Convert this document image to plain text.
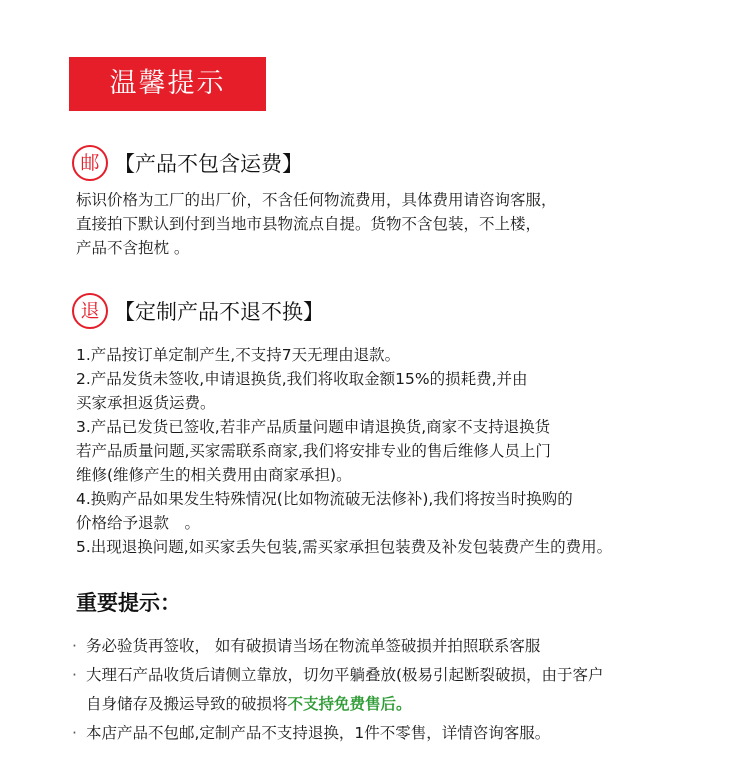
温馨提示
邮 【产品不包含运费】

标识价格为工厂的出厂价，不含任何物流费用，具体费用请咨询客服，

直接拍下默认到付到当地市县物流点自提。货物不含包装，不上楼，

产品不含抱枕 。

退 【定制产品不退不换】

1.产品按订单定制产生,不支持7天无理由退款。

2.产品发货未签收,申请退换货,我们将收取金额15%的损耗费,并由

买家承担返货运费。

3.产品已发货已签收,若非产品质量问题申请退换货,商家不支持退换货

若产品质量问题,买家需联系商家,我们将安排专业的售后维修人员上门

维修(维修产生的相关费用由商家承担)。

4.换购产品如果发生特殊情况(比如物流破无法修补),我们将按当时换购的

价格给予退款　。

5.出现退换问题,如买家丢失包装,需买家承担包装费及补发包装费产生的费用。

重要提示：
· 务必验货再签收， 如有破损请当场在物流单签破损并拍照联系客服
· 大理石产品收货后请侧立靠放，切勿平躺叠放(极易引起断裂破损，由于客户
自身储存及搬运导致的破损将不支持免费售后。
· 本店产品不包邮,定制产品不支持退换，1件不零售，详情咨询客服。
